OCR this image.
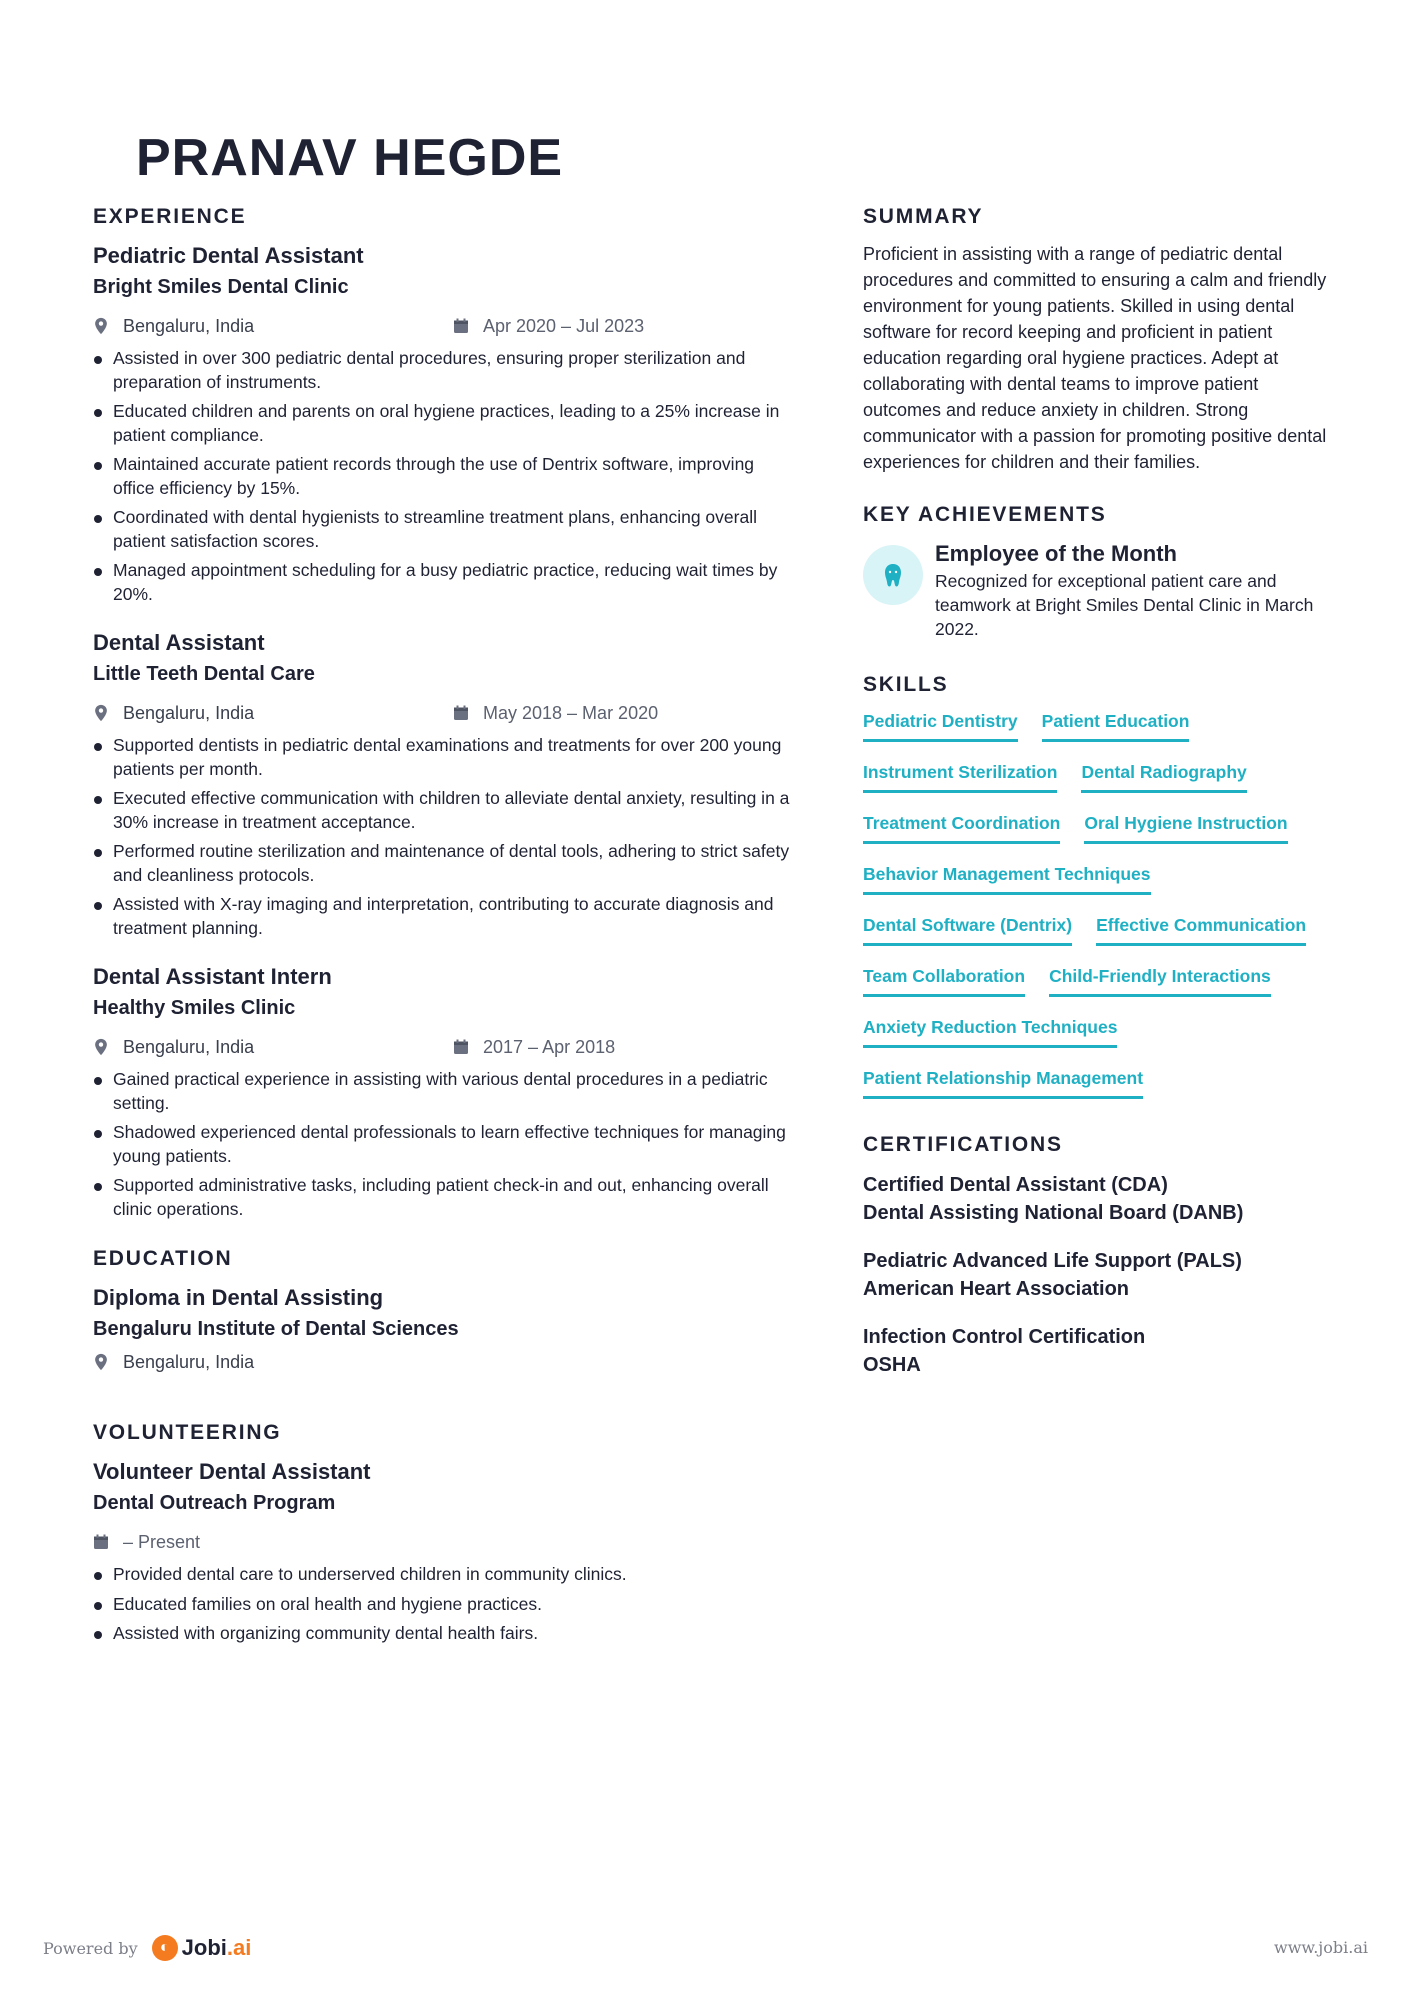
PRANAV HEGDE
EXPERIENCE

Pediatric Dental Assistant

Bright Smiles Dental Clinic

Bengaluru, India	Apr 2020 – Jul 2023
Assisted in over 300 pediatric dental procedures, ensuring proper sterilization and preparation of instruments.
Educated children and parents on oral hygiene practices, leading to a 25% increase in patient compliance.
Maintained accurate patient records through the use of Dentrix software, improving office efficiency by 15%.
Coordinated with dental hygienists to streamline treatment plans, enhancing overall patient satisfaction scores.
Managed appointment scheduling for a busy pediatric practice, reducing wait times by 20%.

Dental Assistant

Little Teeth Dental Care

Bengaluru, India	May 2018 – Mar 2020
Supported dentists in pediatric dental examinations and treatments for over 200 young patients per month.
Executed effective communication with children to alleviate dental anxiety, resulting in a 30% increase in treatment acceptance.
Performed routine sterilization and maintenance of dental tools, adhering to strict safety and cleanliness protocols.
Assisted with X-ray imaging and interpretation, contributing to accurate diagnosis and treatment planning.

Dental Assistant Intern

Healthy Smiles Clinic

Bengaluru, India	2017 – Apr 2018
Gained practical experience in assisting with various dental procedures in a pediatric setting.
Shadowed experienced dental professionals to learn effective techniques for managing young patients.
Supported administrative tasks, including patient check-in and out, enhancing overall clinic operations.
EDUCATION

Diploma in Dental Assisting

Bengaluru Institute of Dental Sciences

Bengaluru, India
VOLUNTEERING

Volunteer Dental Assistant

Dental Outreach Program

– Present
Provided dental care to underserved children in community clinics.
Educated families on oral health and hygiene practices.
Assisted with organizing community dental health fairs.
SUMMARY

Proficient in assisting with a range of pediatric dental procedures and committed to ensuring a calm and friendly environment for young patients. Skilled in using dental software for record keeping and proficient in patient education regarding oral hygiene practices. Adept at collaborating with dental teams to improve patient outcomes and reduce anxiety in children. Strong communicator with a passion for promoting positive dental experiences for children and their families.

KEY ACHIEVEMENTS

Employee of the Month

Recognized for exceptional patient care and teamwork at Bright Smiles Dental Clinic in March 2022.

SKILLS
Pediatric Dentistry Patient Education
Instrument Sterilization Dental Radiography
Treatment Coordination Oral Hygiene Instruction
Behavior Management Techniques
Dental Software (Dentrix) Effective Communication
Team Collaboration Child-Friendly Interactions
Anxiety Reduction Techniques
Patient Relationship Management
CERTIFICATIONS
Certified Dental Assistant (CDA)
Dental Assisting National Board (DANB)
Pediatric Advanced Life Support (PALS)
American Heart Association
Infection Control Certification
OSHA
Powered by	◐ Jobi .ai	www.jobi.ai
